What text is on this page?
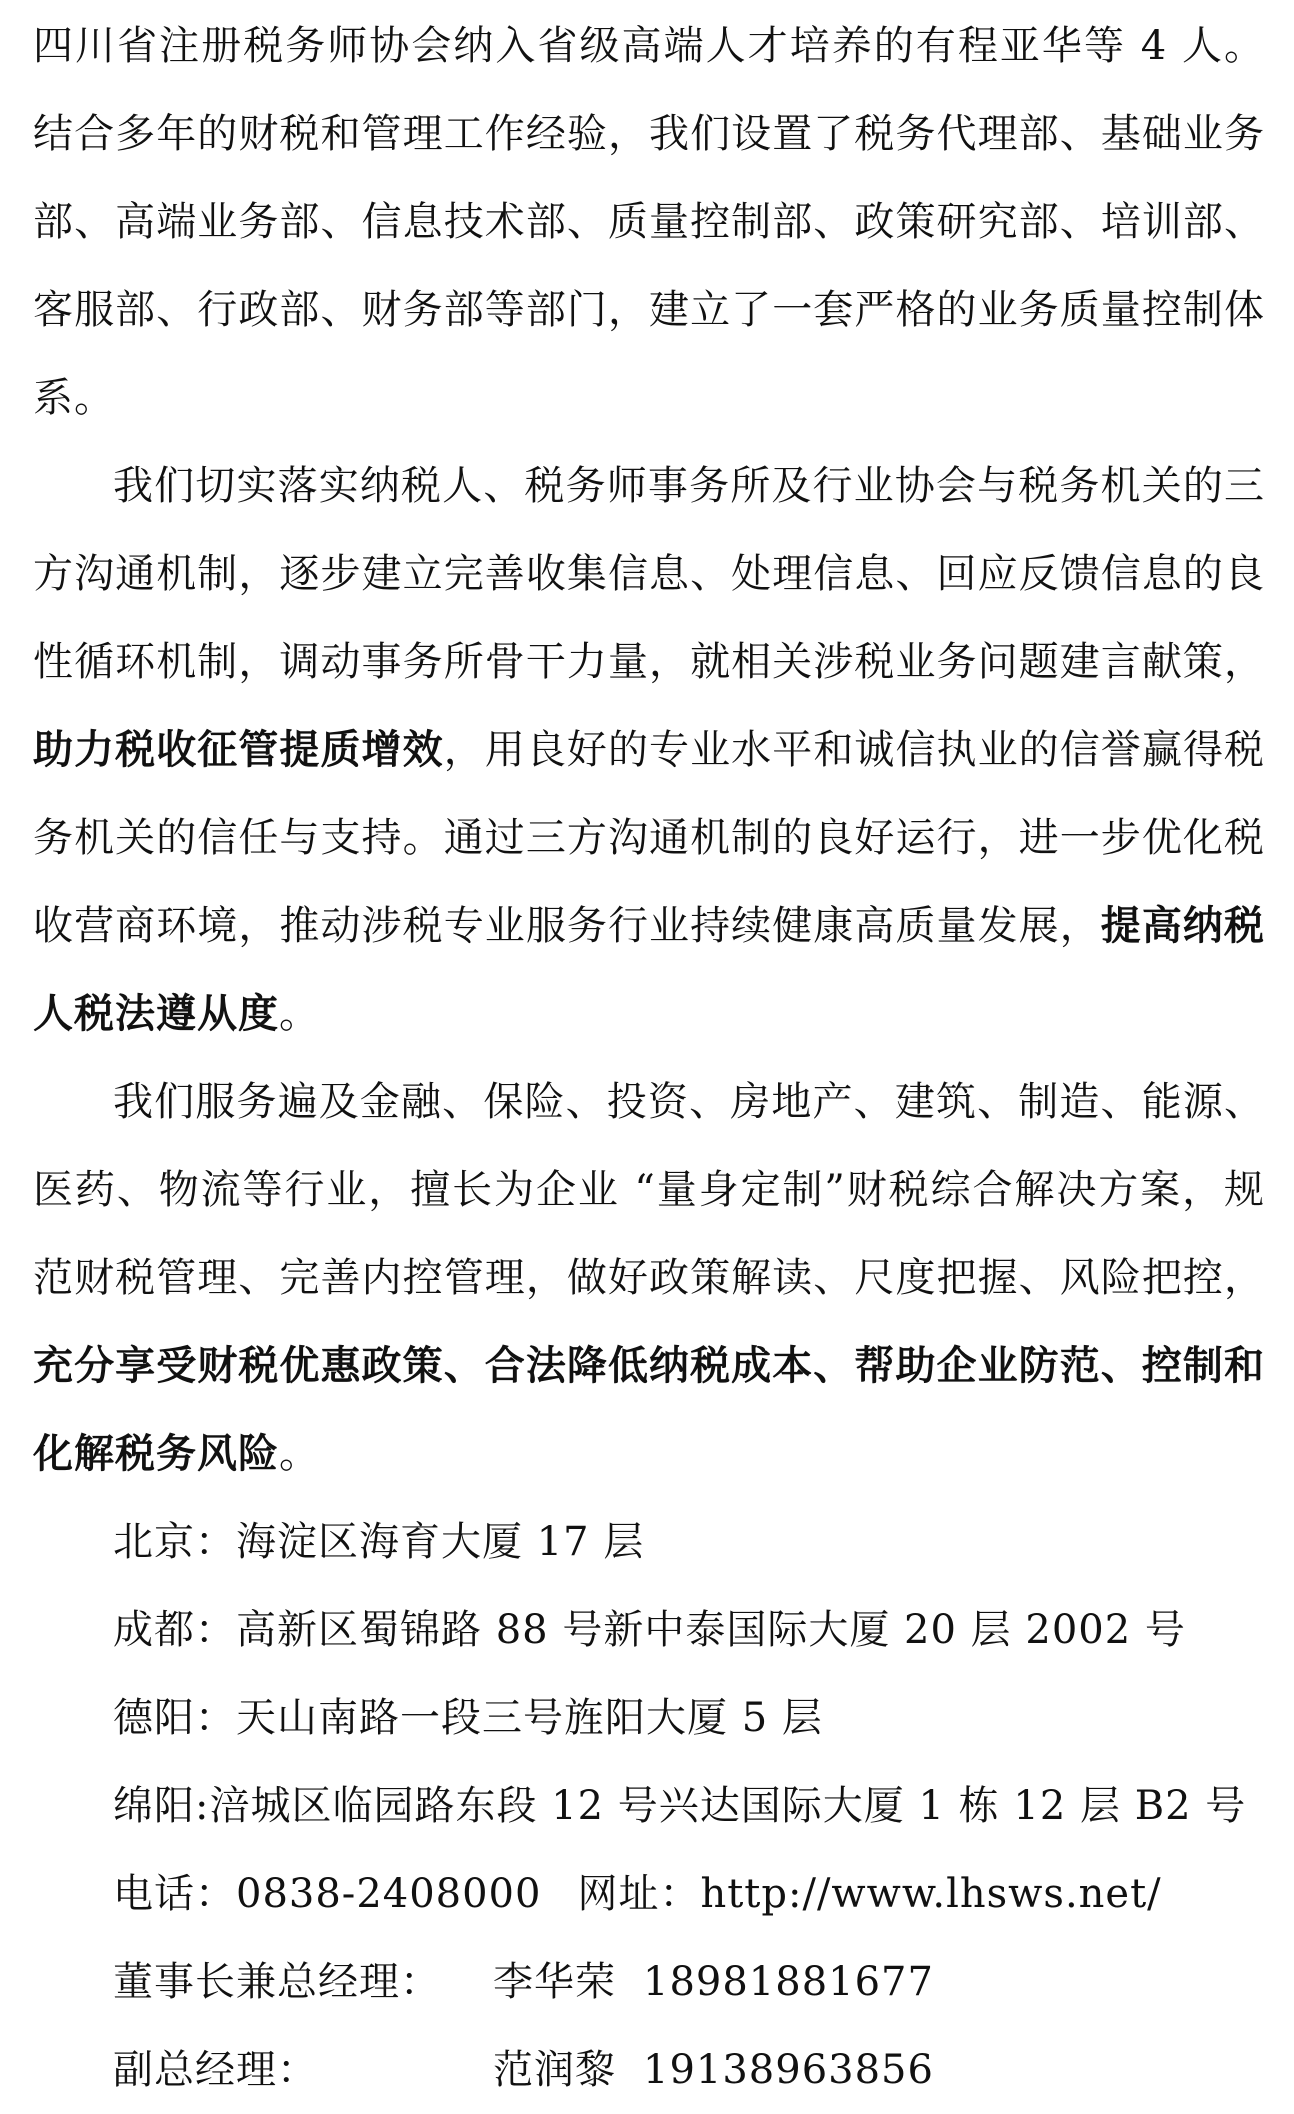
四川省注册税务师协会纳入省级高端人才培养的有程亚华等 4 人。结合多年的财税和管理工作经验，我们设置了税务代理部、基础业务部、高端业务部、信息技术部、质量控制部、政策研究部、培训部、客服部、行政部、财务部等部门，建立了一套严格的业务质量控制体系。

我们切实落实纳税人、税务师事务所及行业协会与税务机关的三方沟通机制，逐步建立完善收集信息、处理信息、回应反馈信息的良性循环机制，调动事务所骨干力量，就相关涉税业务问题建言献策，助力税收征管提质增效，用良好的专业水平和诚信执业的信誉赢得税务机关的信任与支持。通过三方沟通机制的良好运行，进一步优化税收营商环境，推动涉税专业服务行业持续健康高质量发展，提高纳税人税法遵从度。

我们服务遍及金融、保险、投资、房地产、建筑、制造、能源、医药、物流等行业，擅长为企业 “量身定制”财税综合解决方案，规范财税管理、完善内控管理，做好政策解读、尺度把握、风险把控，充分享受财税优惠政策、合法降低纳税成本、帮助企业防范、控制和化解税务风险。

北京：海淀区海育大厦 17 层

成都：高新区蜀锦路 88 号新中泰国际大厦 20 层 2002 号

德阳：天山南路一段三号旌阳大厦 5 层

绵阳:涪城区临园路东段 12 号兴达国际大厦 1 栋 12 层 B2 号

电话：0838-2408000 网址：http://www.lhsws.net/

董事长兼总经理：	李华荣 18981881677

副总经理：	范润黎 19138963856
